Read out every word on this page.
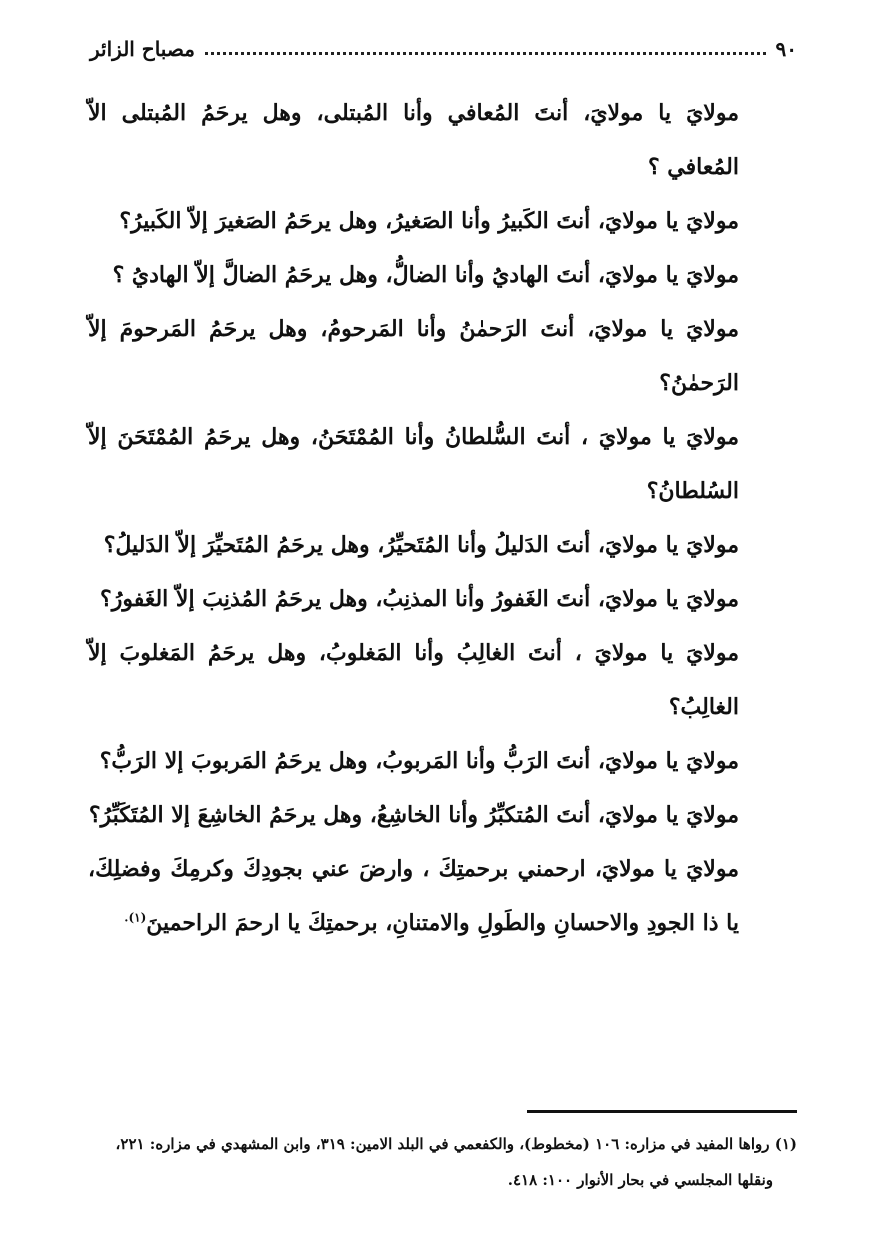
٩٠
مصباح الزائر

مولايَ يا مولايَ، أنتَ المُعافي وأنا المُبتلى، وهل يرحَمُ المُبتلى الاّ المُعافي ؟

مولايَ يا مولايَ، أنتَ الكَبيرُ وأنا الصَغيرُ، وهل يرحَمُ الصَغيرَ إلاّ الكَبيرُ؟

مولايَ يا مولايَ، أنتَ الهاديُ وأنا الضالُّ، وهل يرحَمُ الضالَّ إلاّ الهاديُ ؟

مولايَ يا مولايَ، أنتَ الرَحمٰنُ وأنا المَرحومُ، وهل يرحَمُ المَرحومَ إلاّ الرَحمٰنُ؟

مولايَ يا مولايَ ، أنتَ السُّلطانُ وأنا المُمْتَحَنُ، وهل يرحَمُ المُمْتَحَنَ إلاّ السُلطانُ؟

مولايَ يا مولايَ، أنتَ الدَليلُ وأنا المُتَحيِّرُ، وهل يرحَمُ المُتَحيِّرَ إلاّ الدَليلُ؟

مولايَ يا مولايَ، أنتَ الغَفورُ وأنا المذنِبُ، وهل يرحَمُ المُذنِبَ إلاّ الغَفورُ؟

مولايَ يا مولايَ ، أنتَ الغالِبُ وأنا المَغلوبُ، وهل يرحَمُ المَغلوبَ إلاّ الغالِبُ؟

مولايَ يا مولايَ، أنتَ الرَبُّ وأنا المَربوبُ، وهل يرحَمُ المَربوبَ إلا الرَبُّ؟

مولايَ يا مولايَ، أنتَ المُتكبِّرُ وأنا الخاشِعُ، وهل يرحَمُ الخاشِعَ إلا المُتَكَبِّرُ؟

مولايَ يا مولايَ، ارحمني برحمتِكَ ، وارضَ عني بجودِكَ وكرمِكَ وفضلِكَ، يا ذا الجودِ والاحسانِ والطَولِ والامتنانِ، برحمتِكَ يا ارحمَ الراحمينَ$^{(١).}$

(١) رواها المفيد في مزاره: ١٠٦ (مخطوط)، والكفعمي في البلد الامين: ٣١٩، وابن المشهدي في مزاره: ٢٢١،

ونقلها المجلسي في بحار الأنوار ١٠٠: ٤١٨.
